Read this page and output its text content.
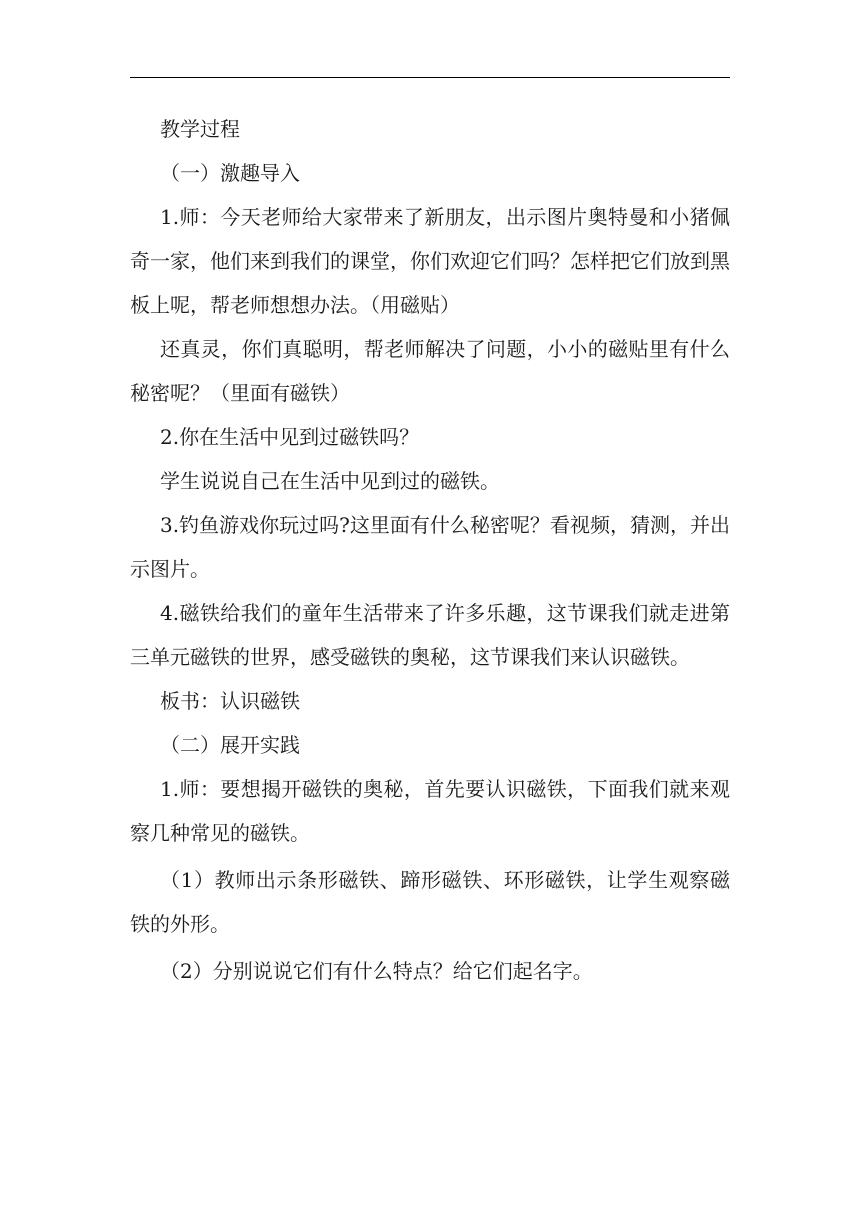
教学过程

（一）激趣导入

1.师：今天老师给大家带来了新朋友，出示图片奥特曼和小猪佩奇一家，他们来到我们的课堂，你们欢迎它们吗？怎样把它们放到黑板上呢，帮老师想想办法。（用磁贴）

还真灵，你们真聪明，帮老师解决了问题，小小的磁贴里有什么秘密呢？（里面有磁铁）

2.你在生活中见到过磁铁吗？

学生说说自己在生活中见到过的磁铁。

3.钓鱼游戏你玩过吗?这里面有什么秘密呢？看视频，猜测，并出示图片。

4.磁铁给我们的童年生活带来了许多乐趣，这节课我们就走进第三单元磁铁的世界，感受磁铁的奥秘，这节课我们来认识磁铁。

板书：认识磁铁

（二）展开实践

1.师：要想揭开磁铁的奥秘，首先要认识磁铁，下面我们就来观察几种常见的磁铁。

（1）教师出示条形磁铁、蹄形磁铁、环形磁铁，让学生观察磁铁的外形。

（2）分别说说它们有什么特点？给它们起名字。
